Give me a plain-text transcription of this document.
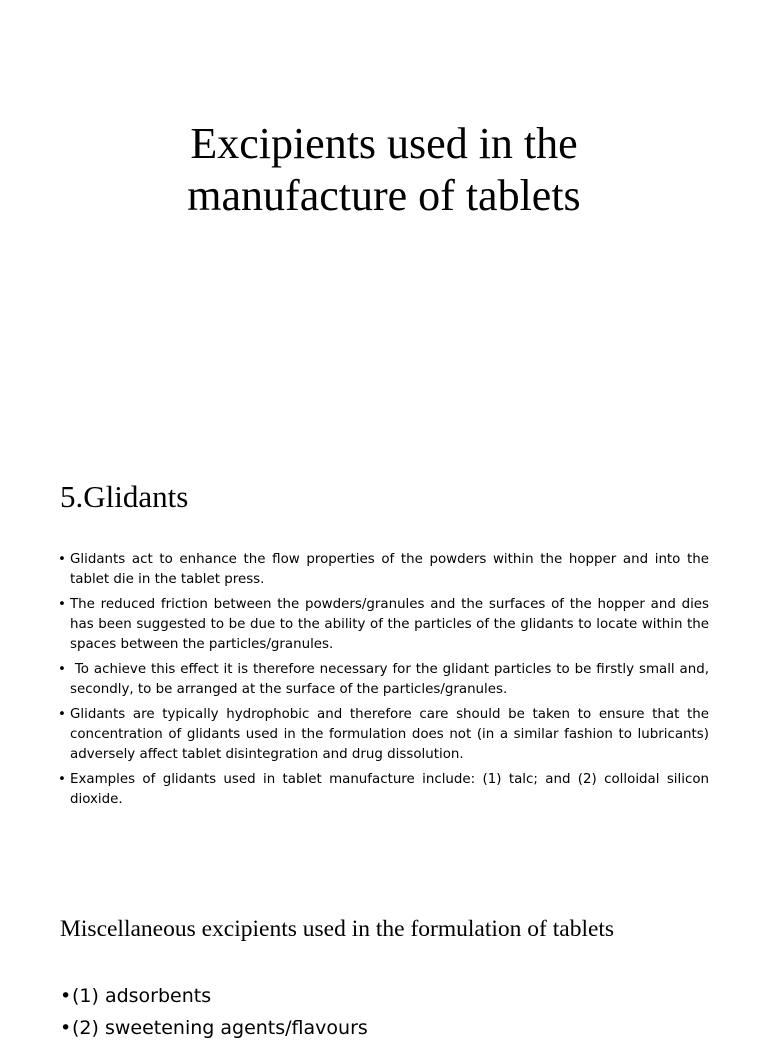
Excipients used in the
manufacture of tablets
5.Glidants
• Glidants act to enhance the flow properties of the powders within the hopper and into the tablet die in the tablet press.
• The reduced friction between the powders/granules and the surfaces of the hopper and dies has been suggested to be due to the ability of the particles of the glidants to locate within the spaces between the particles/granules.
• To achieve this effect it is therefore necessary for the glidant particles to be firstly small and, secondly, to be arranged at the surface of the particles/granules.
• Glidants are typically hydrophobic and therefore care should be taken to ensure that the concentration of glidants used in the formulation does not (in a similar fashion to lubricants) adversely affect tablet disintegration and drug dissolution.
• Examples of glidants used in tablet manufacture include: (1) talc; and (2) colloidal silicon dioxide.
Miscellaneous excipients used in the formulation of tablets
• (1) adsorbents
• (2) sweetening agents/flavours
